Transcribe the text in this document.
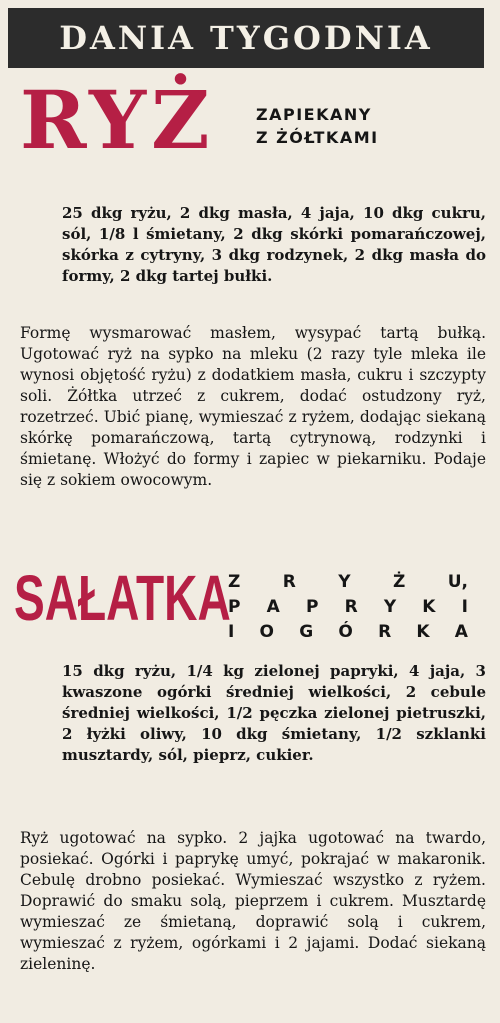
DANIA TYGODNIA
RYŻ	ZAPIEKANY
Z ŻÓŁTKAMI

25 dkg ryżu, 2 dkg masła, 4 jaja, 10 dkg cukru, sól, 1/8 l śmietany, 2 dkg skórki pomarańczowej, skórka z cytryny, 3 dkg rodzynek, 2 dkg masła do formy, 2 dkg tartej bułki.

Formę wysmarować masłem, wysypać tartą bułką. Ugotować ryż na sypko na mleku (2 razy tyle mleka ile wynosi objętość ryżu) z dodatkiem masła, cukru i szczypty soli. Żółtka utrzeć z cukrem, dodać ostudzony ryż, rozetrzeć. Ubić pianę, wymieszać z ryżem, dodając siekaną skórkę pomarańczową, tartą cytrynową, rodzynki i śmietanę. Włożyć do formy i zapiec w piekarniku. Podaje się z sokiem owocowym.

SAŁATKA
Z R Y Ż U,
P A P R Y K I
I O G Ó R K A

15 dkg ryżu, 1/4 kg zielonej papryki, 4 jaja, 3 kwaszone ogórki średniej wielkości, 2 cebule średniej wielkości, 1/2 pęczka zielonej pietruszki, 2 łyżki oliwy, 10 dkg śmietany, 1/2 szklanki musztardy, sól, pieprz, cukier.

Ryż ugotować na sypko. 2 jajka ugotować na twardo, posiekać. Ogórki i paprykę umyć, pokrajać w makaronik. Cebulę drobno posiekać. Wymieszać wszystko z ryżem. Doprawić do smaku solą, pieprzem i cukrem. Musztardę wymieszać ze śmietaną, doprawić solą i cukrem, wymieszać z ryżem, ogórkami i 2 jajami. Dodać siekaną zieleninę.
